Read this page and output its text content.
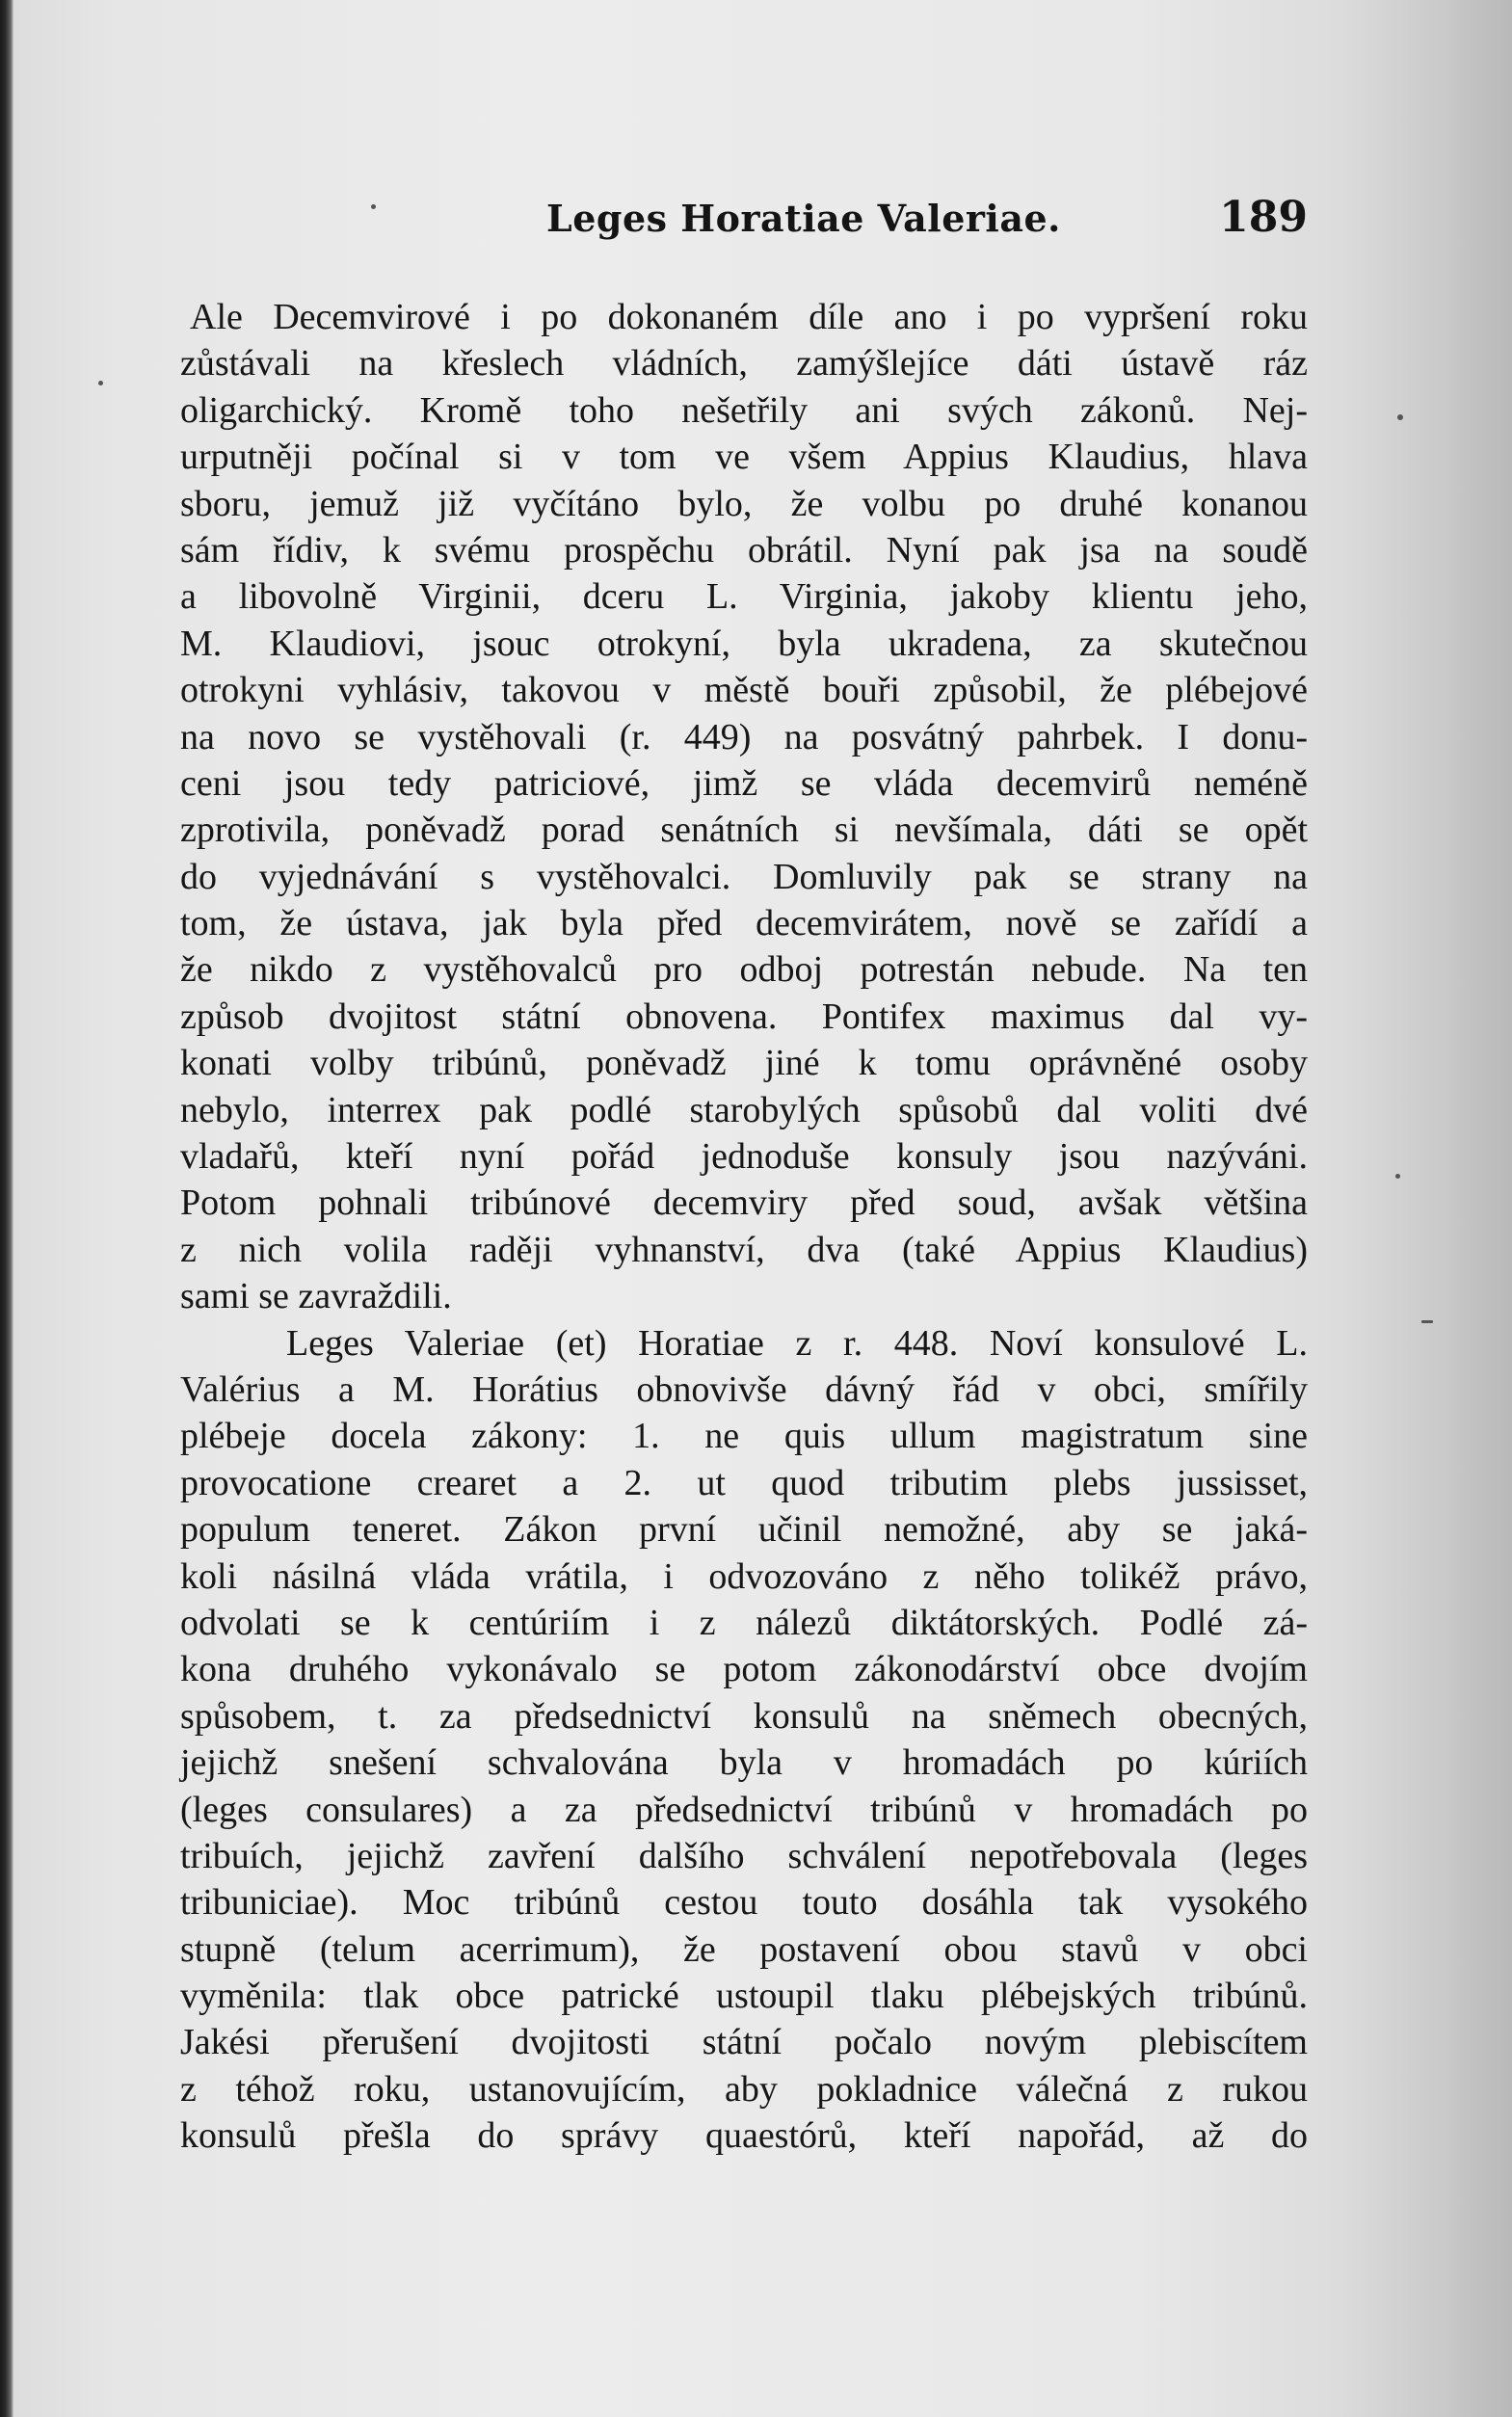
Leges Horatiae Valeriae.	189
Ale Decemvirové i po dokonaném díle ano i po vypršení roku
zůstávali na křeslech vládních, zamýšlejíce dáti ústavě ráz
oligarchický. Kromě toho nešetřily ani svých zákonů. Nej-
urputněji počínal si v tom ve všem Appius Klaudius, hlava
sboru, jemuž již vyčítáno bylo, že volbu po druhé konanou
sám řídiv, k svému prospěchu obrátil. Nyní pak jsa na soudě
a libovolně Virginii, dceru L. Virginia, jakoby klientu jeho,
M. Klaudiovi, jsouc otrokyní, byla ukradena, za skutečnou
otrokyni vyhlásiv, takovou v městě bouři způsobil, že plébejové
na novo se vystěhovali (r. 449) na posvátný pahrbek. I donu-
ceni jsou tedy patriciové, jimž se vláda decemvirů neméně
zprotivila, poněvadž porad senátních si nevšímala, dáti se opět
do vyjednávání s vystěhovalci. Domluvily pak se strany na
tom, že ústava, jak byla před decemvirátem, nově se zařídí a
že nikdo z vystěhovalců pro odboj potrestán nebude. Na ten
způsob dvojitost státní obnovena. Pontifex maximus dal vy-
konati volby tribúnů, poněvadž jiné k tomu oprávněné osoby
nebylo, interrex pak podlé starobylých spůsobů dal voliti dvé
vladařů, kteří nyní pořád jednoduše konsuly jsou nazýváni.
Potom pohnali tribúnové decemviry před soud, avšak většina
z nich volila raději vyhnanství, dva (také Appius Klaudius)
sami se zavraždili.
Leges Valeriae (et) Horatiae z r. 448. Noví konsulové L.
Valérius a M. Horátius obnovivše dávný řád v obci, smířily
plébeje docela zákony: 1. ne quis ullum magistratum sine
provocatione crearet a 2. ut quod tributim plebs jussisset,
populum teneret. Zákon první učinil nemožné, aby se jaká-
koli násilná vláda vrátila, i odvozováno z něho tolikéž právo,
odvolati se k centúriím i z nálezů diktátorských. Podlé zá-
kona druhého vykonávalo se potom zákonodárství obce dvojím
spůsobem, t. za předsednictví konsulů na sněmech obecných,
jejichž snešení schvalována byla v hromadách po kúriích
(leges consulares) a za předsednictví tribúnů v hromadách po
tribuích, jejichž zavření dalšího schválení nepotřebovala (leges
tribuniciae). Moc tribúnů cestou touto dosáhla tak vysokého
stupně (telum acerrimum), že postavení obou stavů v obci
vyměnila: tlak obce patrické ustoupil tlaku plébejských tribúnů.
Jakési přerušení dvojitosti státní počalo novým plebiscítem
z téhož roku, ustanovujícím, aby pokladnice válečná z rukou
konsulů přešla do správy quaestórů, kteří napořád, až do
